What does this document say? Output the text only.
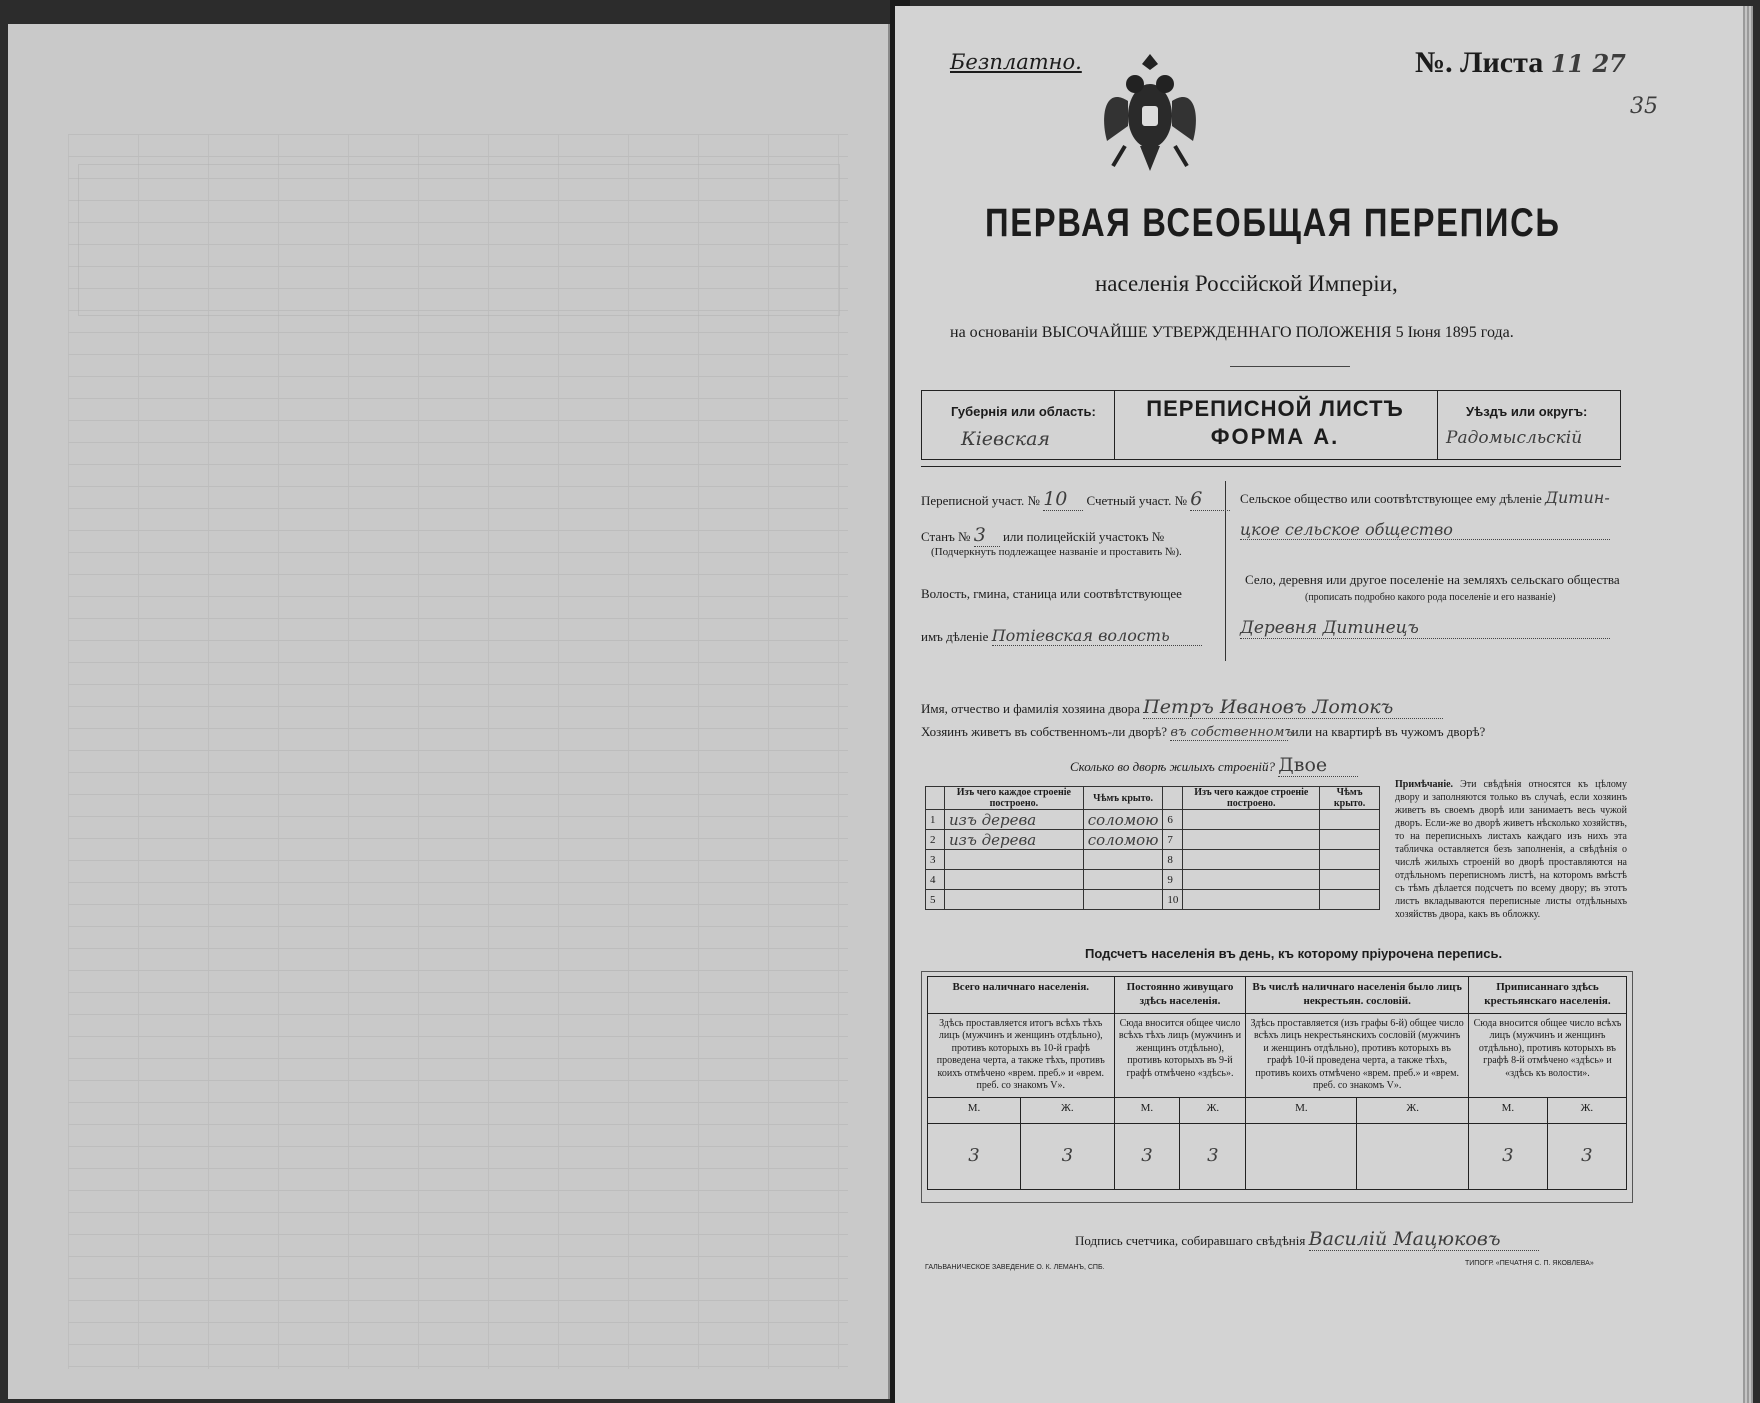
Безплатно.	№. Листа 11 27
35
ПЕРВАЯ ВСЕОБЩАЯ ПЕРЕПИСЬ
населенія Россійской Имперіи,
на основаніи ВЫСОЧАЙШЕ УТВЕРЖДЕННАГО ПОЛОЖЕНІЯ 5 Іюня 1895 года.
Губернія или область:
Кіевская
ПЕРЕПИСНОЙ ЛИСТЪ
ФОРМА А.
Уѣздъ или округъ:
Радомысльскій
Переписной участ. № 10 Счетный участ. № 6
Станъ № 3 или полицейскій участокъ №
(Подчеркнуть подлежащее названіе и проставить №).
Волость, гмина, станица или соотвѣтствующее
имъ дѣленіе Потіевская волость
Сельское общество или соотвѣтствующее ему дѣленіе Дитин-
цкое сельское общество
Село, деревня или другое поселеніе на земляхъ сельскаго общества
(прописать подробно какого рода поселеніе и его названіе)
Деревня Дитинецъ
Имя, отчество и фамилія хозяина двора Петръ Ивановъ Лотокъ
Хозяинъ живетъ въ собственномъ-ли дворѣ? въ собственномъ или на квартирѣ въ чужомъ дворѣ?
Сколько во дворѣ жилыхъ строеній? Двое
	Изъ чего каждое строеніе построено.	Чѣмъ крыто.		Изъ чего каждое строеніе построено.	Чѣмъ крыто.
1	изъ дерева	соломою	6		
2	изъ дерева	соломою	7		
3			8		
4			9		
5			10		
Примѣчаніе. Эти свѣдѣнія относятся къ цѣлому двору и заполняются только въ случаѣ, если хозяинъ живетъ въ своемъ дворѣ или занимаетъ весь чужой дворъ. Если-же во дворѣ живетъ нѣсколько хозяйствъ, то на переписныхъ листахъ каждаго изъ нихъ эта табличка оставляется безъ заполненія, а свѣдѣнія о числѣ жилыхъ строеній во дворѣ проставляются на отдѣльномъ переписномъ листѣ, на которомъ вмѣстѣ съ тѣмъ дѣлается подсчетъ по всему двору; въ этотъ листъ вкладываются переписные листы отдѣльныхъ хозяйствъ двора, какъ въ обложку.
Подсчетъ населенія въ день, къ которому пріурочена перепись.
Всего наличнаго населенія.		Постоянно живущаго здѣсь населенія.		Въ числѣ наличнаго населенія было лицъ некрестьян. сословій.		Приписаннаго здѣсь крестьянскаго населенія.	
Здѣсь проставляется итогъ всѣхъ тѣхъ лицъ (мужчинъ и женщинъ отдѣльно), противъ которыхъ въ 10-й графѣ проведена черта, а также тѣхъ, противъ коихъ отмѣчено «врем. преб.» и «врем. преб. со знакомъ V».		Сюда вносится общее число всѣхъ тѣхъ лицъ (мужчинъ и женщинъ отдѣльно), противъ которыхъ въ 9-й графѣ отмѣчено «здѣсь».		Здѣсь проставляется (изъ графы 6-й) общее число всѣхъ лицъ некрестьянскихъ сословій (мужчинъ и женщинъ отдѣльно), противъ которыхъ въ графѣ 10-й проведена черта, а также тѣхъ, противъ коихъ отмѣчено «врем. преб.» и «врем. преб. со знакомъ V».		Сюда вносится общее число всѣхъ лицъ (мужчинъ и женщинъ отдѣльно), противъ которыхъ въ графѣ 8-й отмѣчено «здѣсь» и «здѣсь къ волости».	
М.	Ж.	М.	Ж.	М.	Ж.	М.	Ж.
3	3	3	3			3	3
Подпись счетчика, собиравшаго свѣдѣнія Василій Мацюковъ
ГАЛЬВАНИЧЕСКОЕ ЗАВЕДЕНИЕ О. К. ЛЕМАНЪ, СПБ.
ТИПОГР. «ПЕЧАТНЯ С. П. ЯКОВЛЕВА»
